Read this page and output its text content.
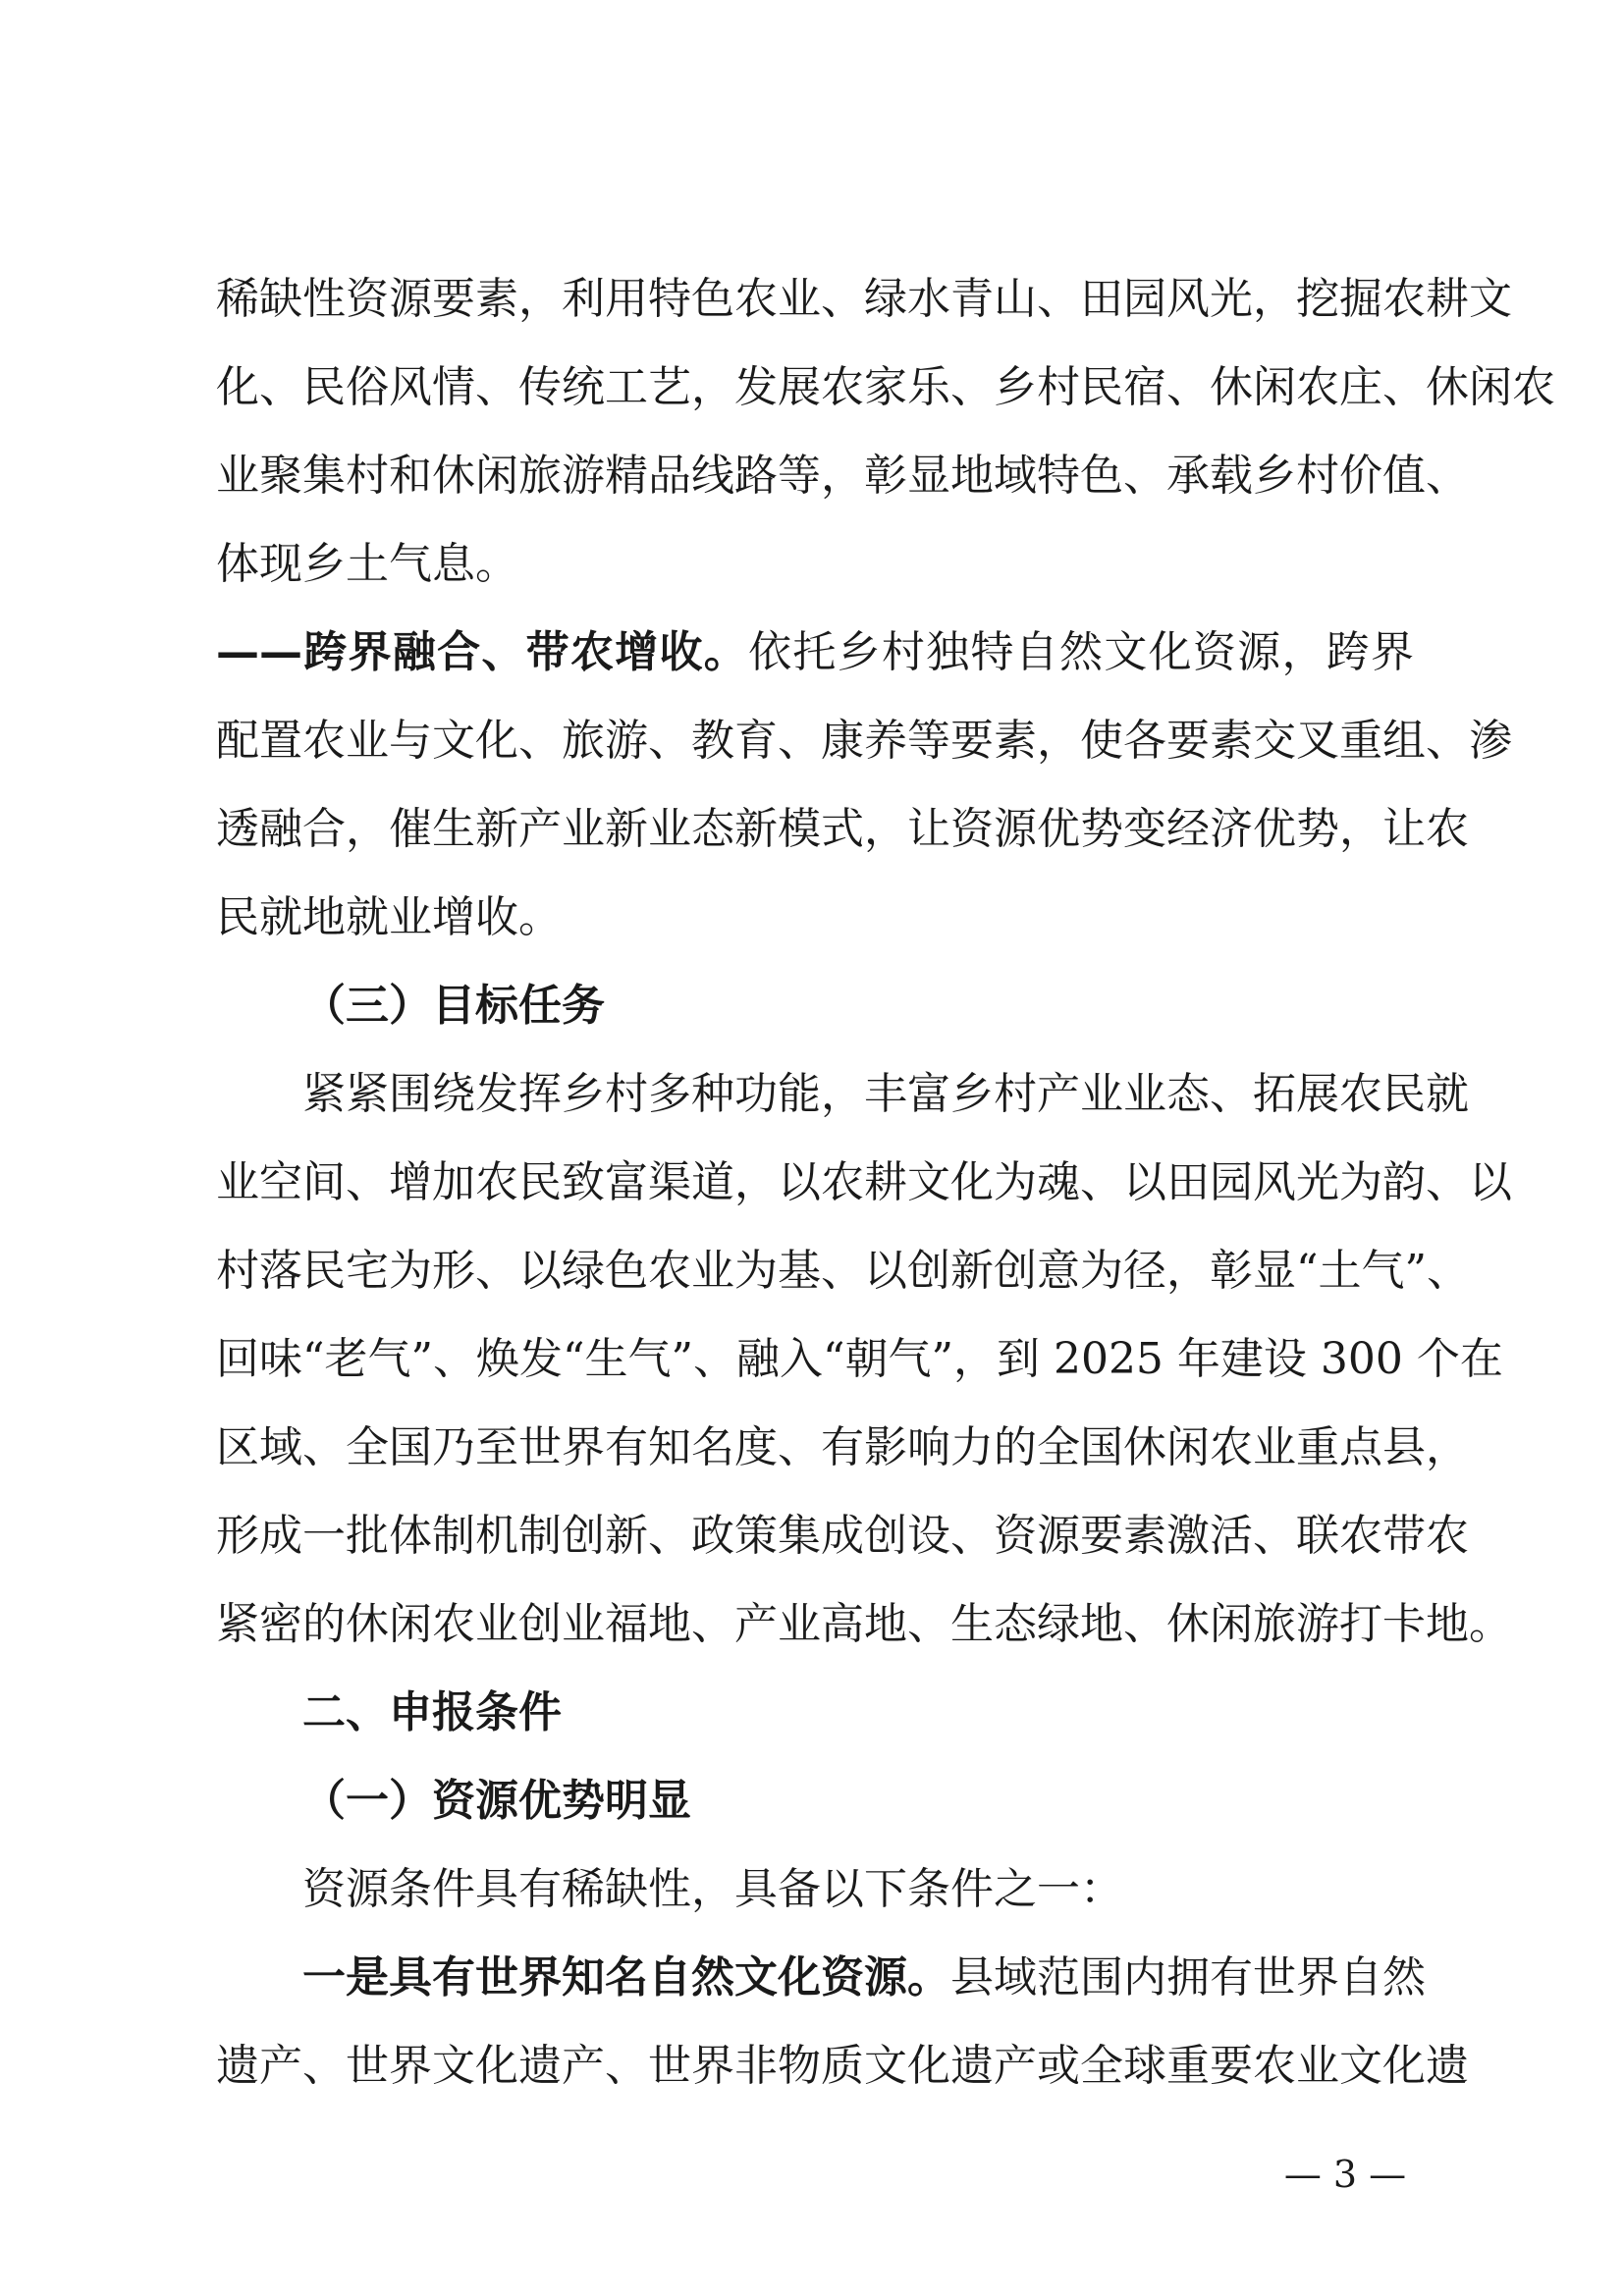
稀缺性资源要素，利用特色农业、绿水青山、田园风光，挖掘农耕文
化、民俗风情、传统工艺，发展农家乐、乡村民宿、休闲农庄、休闲农
业聚集村和休闲旅游精品线路等，彰显地域特色、承载乡村价值、
体现乡土气息。
——跨界融合、带农增收。依托乡村独特自然文化资源，跨界
配置农业与文化、旅游、教育、康养等要素，使各要素交叉重组、渗
透融合，催生新产业新业态新模式，让资源优势变经济优势，让农
民就地就业增收。
（三）目标任务
紧紧围绕发挥乡村多种功能，丰富乡村产业业态、拓展农民就
业空间、增加农民致富渠道，以农耕文化为魂、以田园风光为韵、以
村落民宅为形、以绿色农业为基、以创新创意为径，彰显“土气”、
回味“老气”、焕发“生气”、融入“朝气”，到 2025 年建设 300 个在
区域、全国乃至世界有知名度、有影响力的全国休闲农业重点县，
形成一批体制机制创新、政策集成创设、资源要素激活、联农带农
紧密的休闲农业创业福地、产业高地、生态绿地、休闲旅游打卡地。
二、申报条件
（一）资源优势明显
资源条件具有稀缺性，具备以下条件之一：
一是具有世界知名自然文化资源。县域范围内拥有世界自然
遗产、世界文化遗产、世界非物质文化遗产或全球重要农业文化遗
— 3 —
